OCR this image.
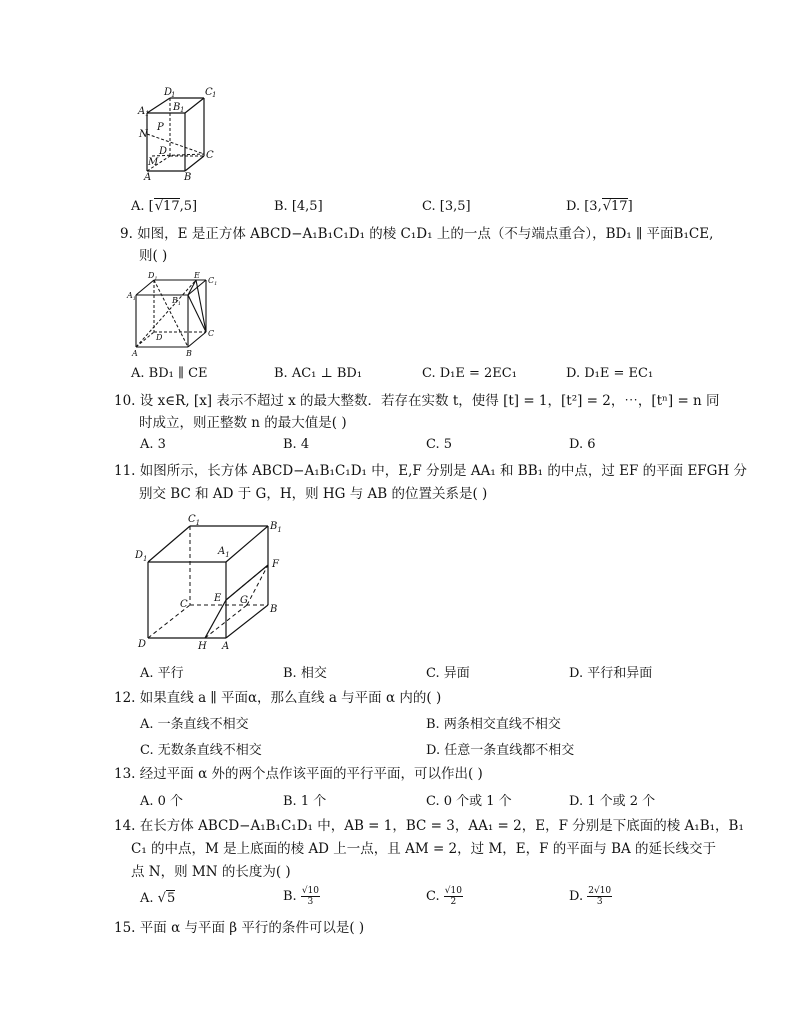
D
1	C 1
A 1
B 1
N
P
D	C
M
A	B
A. [√17,5]	B. [4,5]	C. [3,5]	D. [3,√17]
9. 如图，E 是正方体 ABCD−A₁B₁C₁D₁ 的棱 C₁D₁ 上的一点（不与端点重合），BD₁ ∥ 平面B₁CE,
则( )
$D_1$	E
$C_1$
$A_1$	$B_1$
D	C
A	B
A. BD₁ ∥ CE	B. AC₁ ⊥ BD₁	C. D₁E = 2EC₁	D. D₁E = EC₁
10. 设 x∈R, [x] 表示不超过 x 的最大整数．若存在实数 t，使得 [t] = 1，[t²] = 2，⋯，[tⁿ] = n 同
时成立，则正整数 n 的最大值是( )
A. 3	B. 4	C. 5	D. 6
11. 如图所示，长方体 ABCD−A₁B₁C₁D₁ 中，E,F 分别是 AA₁ 和 BB₁ 的中点，过 EF 的平面 EFGH 分
别交 BC 和 AD 于 G，H，则 HG 与 AB 的位置关系是( )
$C_1$	$B_1$
$D_1$
$A_1$
F
C
E G
B
D	H A
A. 平行	B. 相交	C. 异面	D. 平行和异面
12. 如果直线 a ∥ 平面α，那么直线 a 与平面 α 内的( )
A. 一条直线不相交	B. 两条相交直线不相交
C. 无数条直线不相交	D. 任意一条直线都不相交
13. 经过平面 α 外的两个点作该平面的平行平面，可以作出( )
A. 0 个	B. 1 个	C. 0 个或 1 个	D. 1 个或 2 个
14. 在长方体 ABCD−A₁B₁C₁D₁ 中，AB = 1，BC = 3，AA₁ = 2，E，F 分别是下底面的棱 A₁B₁，B₁
C₁ 的中点，M 是上底面的棱 AD 上一点，且 AM = 2，过 M，E，F 的平面与 BA 的延长线交于
点 N，则 MN 的长度为( )
A. √5	B. $\frac{√10}{3}$	C. $\frac{√10}{2}$	D. $\frac{2√10}{3}$
15. 平面 α 与平面 β 平行的条件可以是( )
